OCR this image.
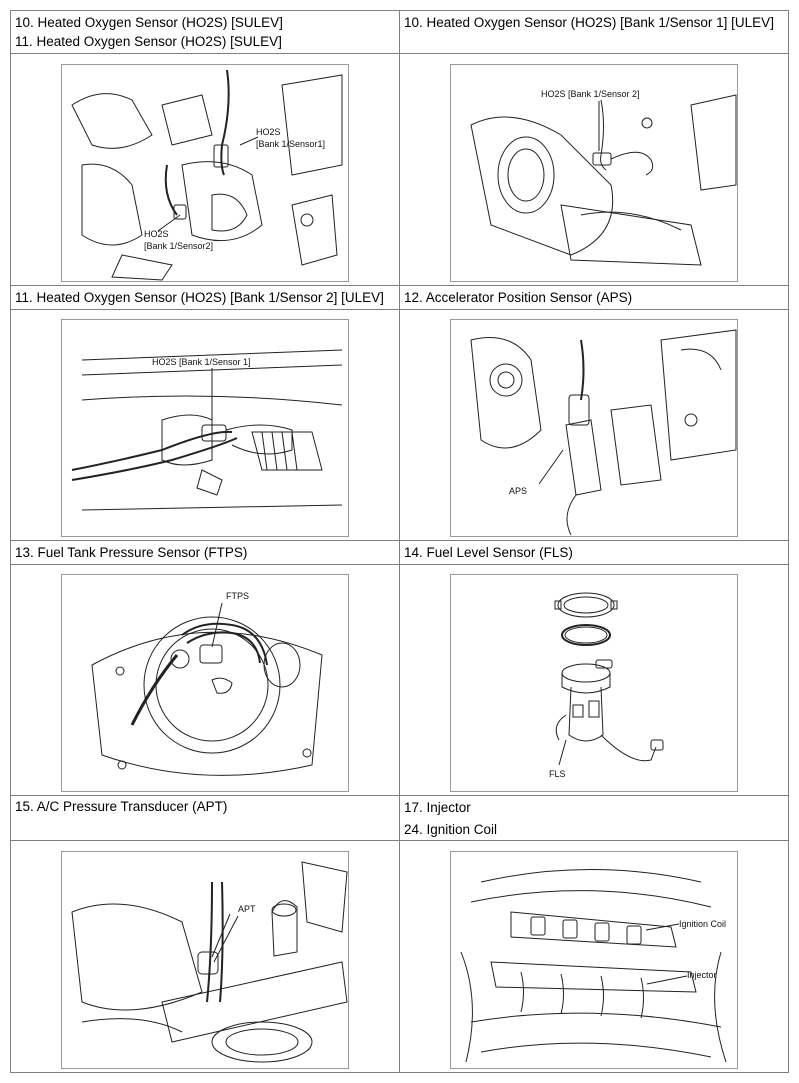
10. Heated Oxygen Sensor (HO2S) [SULEV]
11. Heated Oxygen Sensor (HO2S) [SULEV]
10. Heated Oxygen Sensor (HO2S) [Bank 1/Sensor 1] [ULEV]
11. Heated Oxygen Sensor (HO2S) [Bank 1/Sensor 2] [ULEV] 12. Accelerator Position Sensor (APS)
13. Fuel Tank Pressure Sensor (FTPS)	14. Fuel Level Sensor (FLS)
15. A/C Pressure Transducer (APT)	17. Injector
24. Ignition Coil
HO2S
[Bank 1/Sensor1]
HO2S
[Bank 1/Sensor2]
HO2S [Bank 1/Sensor 2]
HO2S [Bank 1/Sensor 1]
APS
FTPS
FLS
APT
Ignition Coil
Injector
